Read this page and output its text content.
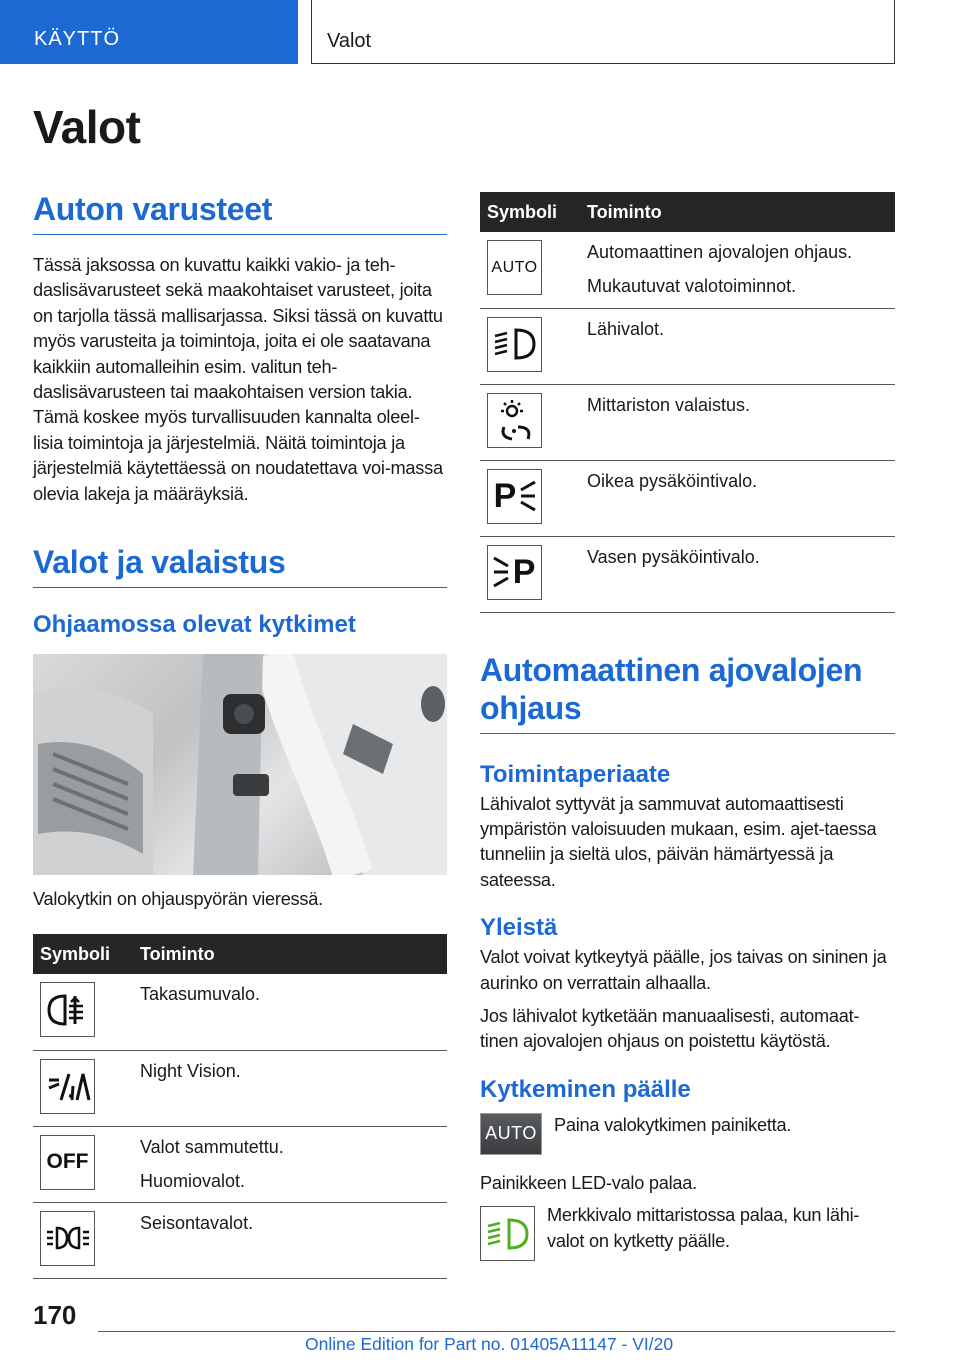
KÄYTTÖ	Valot
Valot
Auton varusteet

Tässä jaksossa on kuvattu kaikki vakio- ja teh-daslisävarusteet sekä maakohtaiset varusteet, joita on tarjolla tässä mallisarjassa. Siksi tässä on kuvattu myös varusteita ja toimintoja, joita ei ole saatavana kaikkiin automalleihin esim. valitun teh-daslisävarusteen tai maakohtaisen version takia. Tämä koskee myös turvallisuuden kannalta oleel-lisia toimintoja ja järjestelmiä. Näitä toimintoja ja järjestelmiä käytettäessä on noudatettava voi-massa olevia lakeja ja määräyksiä.

Valot ja valaistus
Ohjaamossa olevat kytkimet

Valokytkin on ohjauspyörän vieressä.

Symboli	Toiminto

Takasumuvalo.

Night Vision.

OFF	Valot sammutettu.
Huomiovalot.

Seisontavalot.
Symboli	Toiminto

AUTO	Automaattinen ajovalojen ohjaus.
Mukautuvat valotoiminnot.

Lähivalot.

Mittariston valaistus.

P	Oikea pysäköintivalo.

P	Vasen pysäköintivalo.
Automaattinen ajovalojen ohjaus
Toimintaperiaate

Lähivalot syttyvät ja sammuvat automaattisesti ympäristön valoisuuden mukaan, esim. ajet-taessa tunneliin ja sieltä ulos, päivän hämärtyessä ja sateessa.

Yleistä

Valot voivat kytkeytyä päälle, jos taivas on sininen ja aurinko on verrattain alhaalla.

Jos lähivalot kytketään manuaalisesti, automaat-tinen ajovalojen ohjaus on poistettu käytöstä.

Kytkeminen päälle
AUTO Paina valokytkimen painiketta.

Painikkeen LED-valo palaa.

Merkkivalo mittaristossa palaa, kun lähi-valot on kytketty päälle.

170
Online Edition for Part no. 01405A11147 - VI/20
